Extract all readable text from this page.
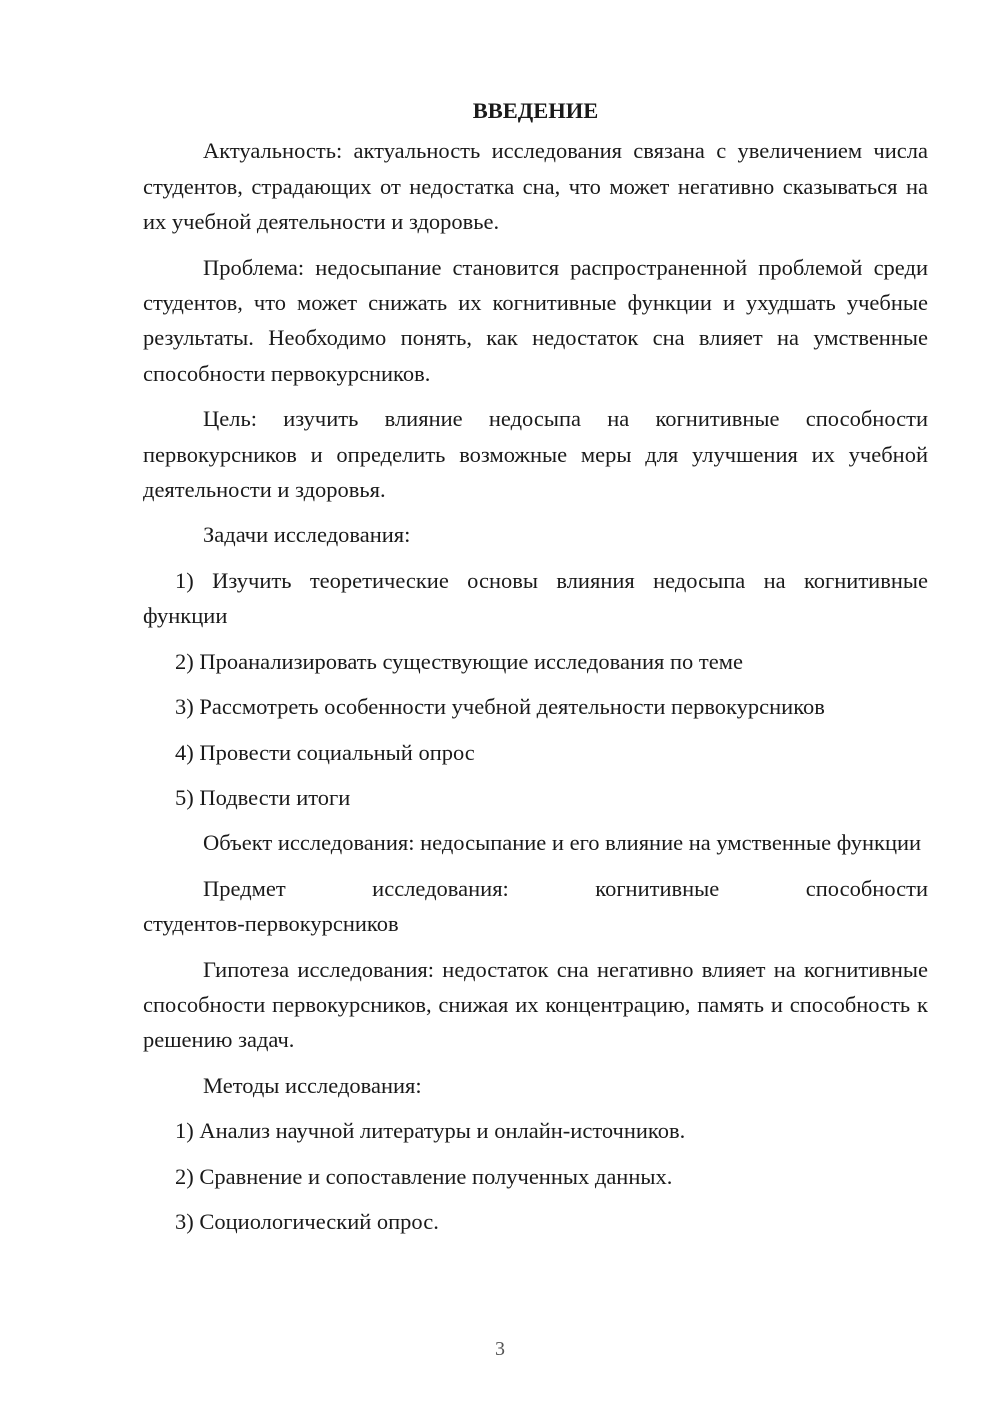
ВВЕДЕНИЕ

Актуальность: актуальность исследования связана с увеличением числа студентов, страдающих от недостатка сна, что может негативно сказываться на их учебной деятельности и здоровье.

Проблема: недосыпание становится распространенной проблемой среди студентов, что может снижать их когнитивные функции и ухудшать учебные результаты. Необходимо понять, как недостаток сна влияет на умственные способности первокурсников.

Цель: изучить влияние недосыпа на когнитивные способности первокурсников и определить возможные меры для улучшения их учебной деятельности и здоровья.

Задачи исследования:

1) Изучить теоретические основы влияния недосыпа на когнитивные функции

2) Проанализировать существующие исследования по теме

3) Рассмотреть особенности учебной деятельности первокурсников

4) Провести социальный опрос

5) Подвести итоги

Объект исследования: недосыпание и его влияние на умственные функции

Предмет исследования: когнитивные способности

студентов-первокурсников

Гипотеза исследования: недостаток сна негативно влияет на когнитивные способности первокурсников, снижая их концентрацию, память и способность к решению задач.

Методы исследования:

1) Анализ научной литературы и онлайн-источников.

2) Сравнение и сопоставление полученных данных.

3) Социологический опрос.

3
